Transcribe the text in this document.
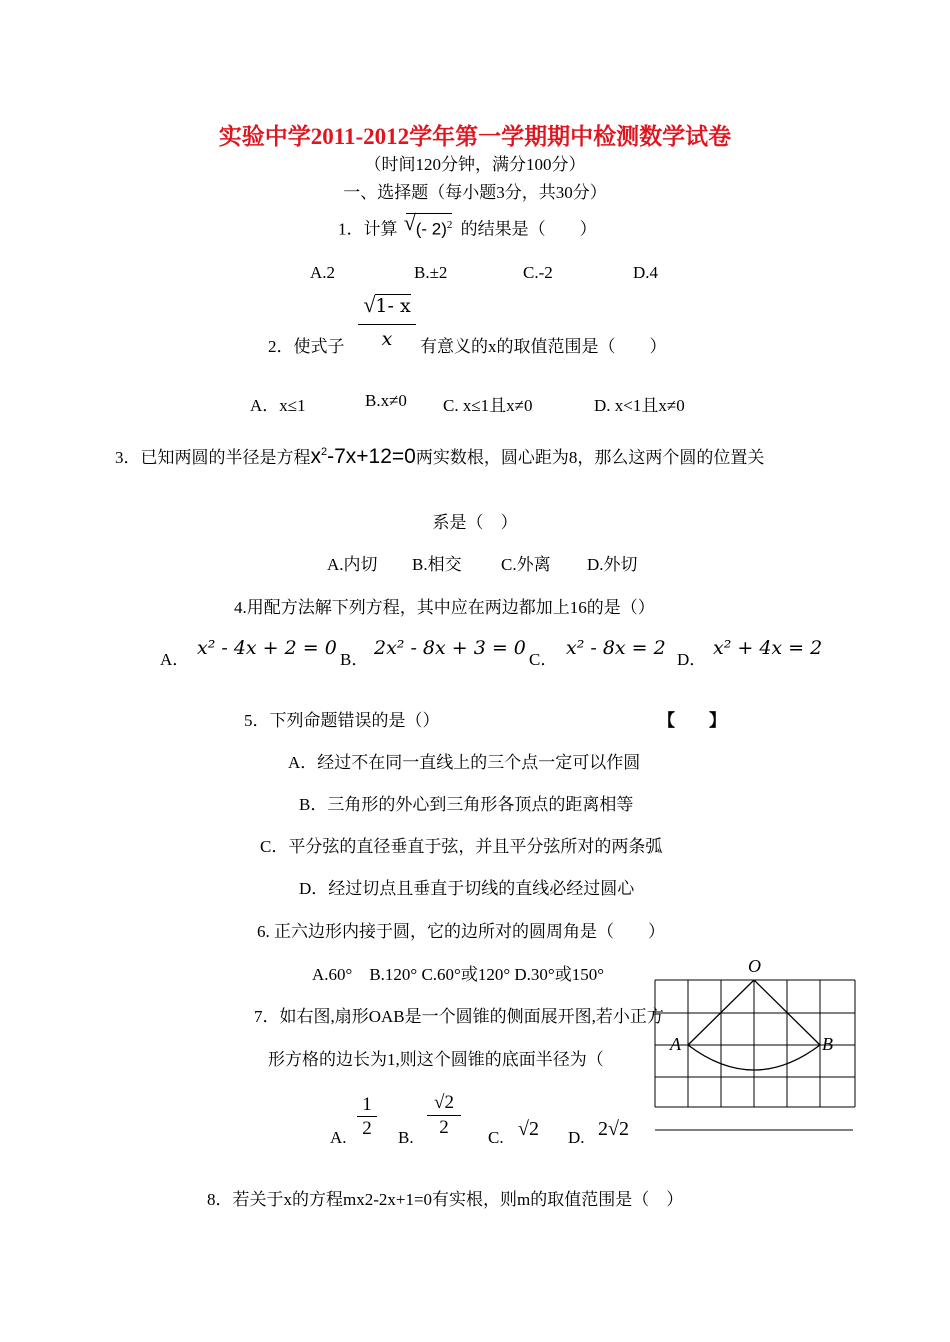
实验中学2011-2012学年第一学期期中检测数学试卷
（时间120分钟，满分100分）
一、选择题（每小题3分，共30分）
1．计算 √ (- 2)$^2$ 的结果是（　　）
A.2	B.±2	C.-2	D.4
$\frac{√1- x}{x}$
2．使式子	有意义的x的取值范围是（　　）
A．x≤1	B.x≠0 C. x≤1且x≠0	D. x<1且x≠0
3．已知两圆的半径是方程$x^2-7x+12=0$两实数根，圆心距为8，那么这两个圆的位置关
系是（　）
A.内切 B.相交 C.外离 D.外切
4.用配方法解下列方程，其中应在两边都加上16的是（）
A．
x² - 4x + 2 = 0
B．
2x² - 8x + 3 = 0
C．
x² - 8x = 2
D．
x² + 4x = 2
5．下列命题错误的是（）	【　　】
A．经过不在同一直线上的三个点一定可以作圆
B．三角形的外心到三角形各顶点的距离相等
C．平分弦的直径垂直于弦，并且平分弦所对的两条弧
D．经过切点且垂直于切线的直线必经过圆心
6. 正六边形内接于圆，它的边所对的圆周角是（　　）
A.60°　B.120° C.60°或120° D.30°或150°
7．如右图,扇形OAB是一个圆锥的侧面展开图,若小正方
形方格的边长为1,则这个圆锥的底面半径为（
A.
1
2	B.
√2
2	C. √2 D. 2√2
O
A	B
8．若关于x的方程mx2-2x+1=0有实根，则m的取值范围是（　）
